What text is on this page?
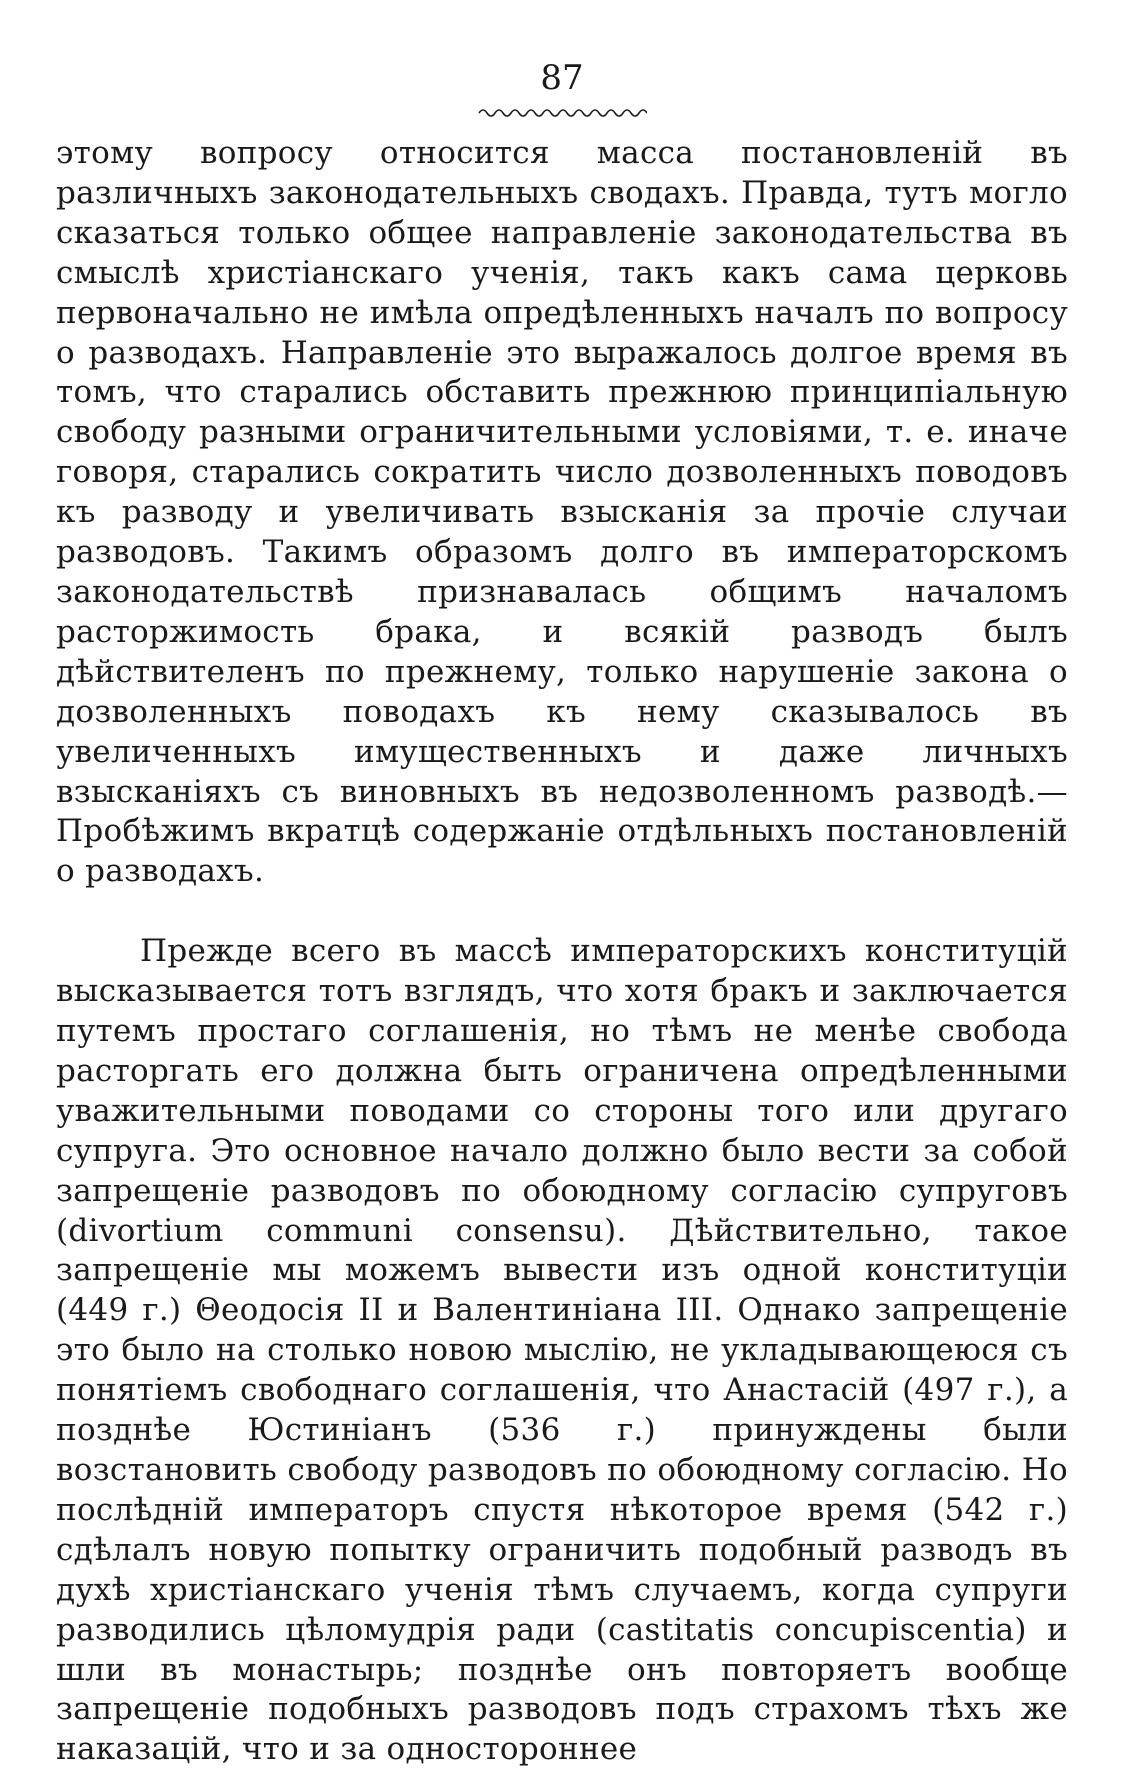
87

этому вопросу относится масса постановленій въ различныхъ законодательныхъ сводахъ. Правда, тутъ могло сказаться только общее направленіе законодательства въ смыслѣ христіанскаго ученія, такъ какъ сама церковь первоначально не имѣла опредѣленныхъ началъ по вопросу о разводахъ. Направленіе это выражалось долгое время въ томъ, что старались обставить прежнюю принципіальную свободу разными ограничительными условіями, т. е. иначе говоря, старались сократить число дозволенныхъ поводовъ къ разводу и увеличивать взысканія за прочіе случаи разводовъ. Такимъ образомъ долго въ императорскомъ законодательствѣ признавалась общимъ началомъ расторжимость брака, и всякій разводъ былъ дѣйствителенъ по прежнему, только нарушеніе закона о дозволенныхъ поводахъ къ нему сказывалось въ увеличенныхъ имущественныхъ и даже личныхъ взысканіяхъ съ виновныхъ въ недозволенномъ разводѣ.—Пробѣжимъ вкратцѣ содержаніе отдѣльныхъ постановленій о разводахъ.

Прежде всего въ массѣ императорскихъ конституцій высказывается тотъ взглядъ, что хотя бракъ и заключается путемъ простаго соглашенія, но тѣмъ не менѣе свобода расторгать его должна быть ограничена опредѣленными уважительными поводами со стороны того или другаго супруга. Это основное начало должно было вести за собой запрещеніе разводовъ по обоюдному согласію супруговъ (divortium communi consensu). Дѣйствительно, такое запрещеніе мы можемъ вывести изъ одной конституціи (449 г.) Θеодосія II и Валентиніана III. Однако запрещеніе это было на столько новою мыслію, не укладывающеюся съ понятіемъ свободнаго соглашенія, что Анастасій (497 г.), а позднѣе Юстиніанъ (536 г.) принуждены были возстановить свободу разводовъ по обоюдному согласію. Но послѣдній императоръ спустя нѣкоторое время (542 г.) сдѣлалъ новую попытку ограничить подобный разводъ въ духѣ христіанскаго ученія тѣмъ случаемъ, когда супруги разводились цѣломудрія ради (castitatis concupiscentia) и шли въ монастырь; позднѣе онъ повторяетъ вообще запрещеніе подобныхъ разводовъ подъ страхомъ тѣхъ же наказацій, что и за одностороннее
